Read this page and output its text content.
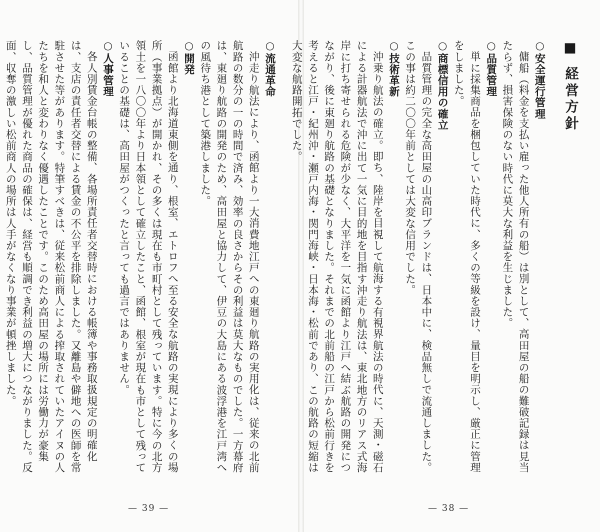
■ 経営方針

○安全運行管理

傭船（料金を支払い雇った他人所有の船）は別として、高田屋の船の難破記録は見当たらず、損害保険のない時代に莫大な利益を生じました。

○品質管理

単に採集商品を梱包していた時代に、多くの等級を設け、量目を明示し、厳正に管理をしました。

○商標信用の確立

品質管理の完全な高田屋の山高印ブランドは、日本中に、検品無しで流通しました。この事は約二〇〇年前としては大変な信用でした。

○技術革新

沖乗り航法の確立。即ち、陸岸を目視して航海する有視界航法の時代に、天測・磁石による計器航法で沖に出て一気に目的地を目指す沖走り航法は、東北地方のリアス式海岸に打ち寄せられる危険が少なく、大平洋を一気に函館より江戸へ結ぶ航路の開発につながり、後に東廻り航路の基礎となりました。それまでの北前船の江戸から松前行きを考えると江戸・紀州沖・瀬戸内海・関門海峡・日本海・松前であり、この航路の短縮は大変な航路開拓でした。

— 38 —

○流通革命

沖走り航法により、函館より一大消費地江戸への東廻り航路の実用化は、従来の北前航路の数分の一の時間で済み、効率の良さからその利益は莫大なものでした。一方幕府は、東廻り航路の開発のため、高田屋と協力して、伊豆の大島にある波浮港を江戸湾への風待ち港として築港しました。

○開発

函館より北海道東側を通り、根室、エトロフへ至る安全な航路の実現により多くの場所（事業拠点）が開かれ、その多くは現在も市町村として残っています。特に今の北方領土を一八〇〇年より日本領として確立したこと、函館、根室が現在も市として残っていることの基礎は、高田屋がつくったと言っても過言ではありません。

○人事管理

各人別賃金台帳の整備、各場所責任者交替時における帳簿や事務取扱規定の明確化は、支店の責任者交替による賃金の不公平を排除しました。又離島や僻地への医師を常駐させた等があります。特筆すべきは、従来松前商人による搾取されていたアイヌの人たちを和人と変わりなく優遇したことです。このため高田屋の場所には労働力が豪集し、品質管理が優れた商品の確保は、経営も順調でき利益の増大につながりました。反面、収奪の激しい松前商人の場所は人手がなくなり事業が頓挫しました。

— 39 —
